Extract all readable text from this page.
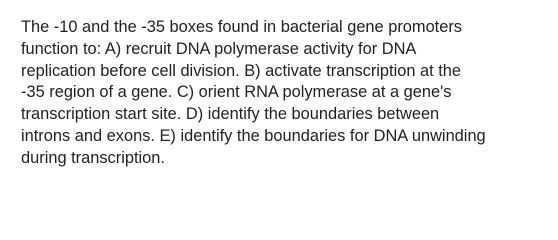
The -10 and the -35 boxes found in bacterial gene promoters
function to: A) recruit DNA polymerase activity for DNA
replication before cell division. B) activate transcription at the
-35 region of a gene. C) orient RNA polymerase at a gene's
transcription start site. D) identify the boundaries between
introns and exons. E) identify the boundaries for DNA unwinding
during transcription.
